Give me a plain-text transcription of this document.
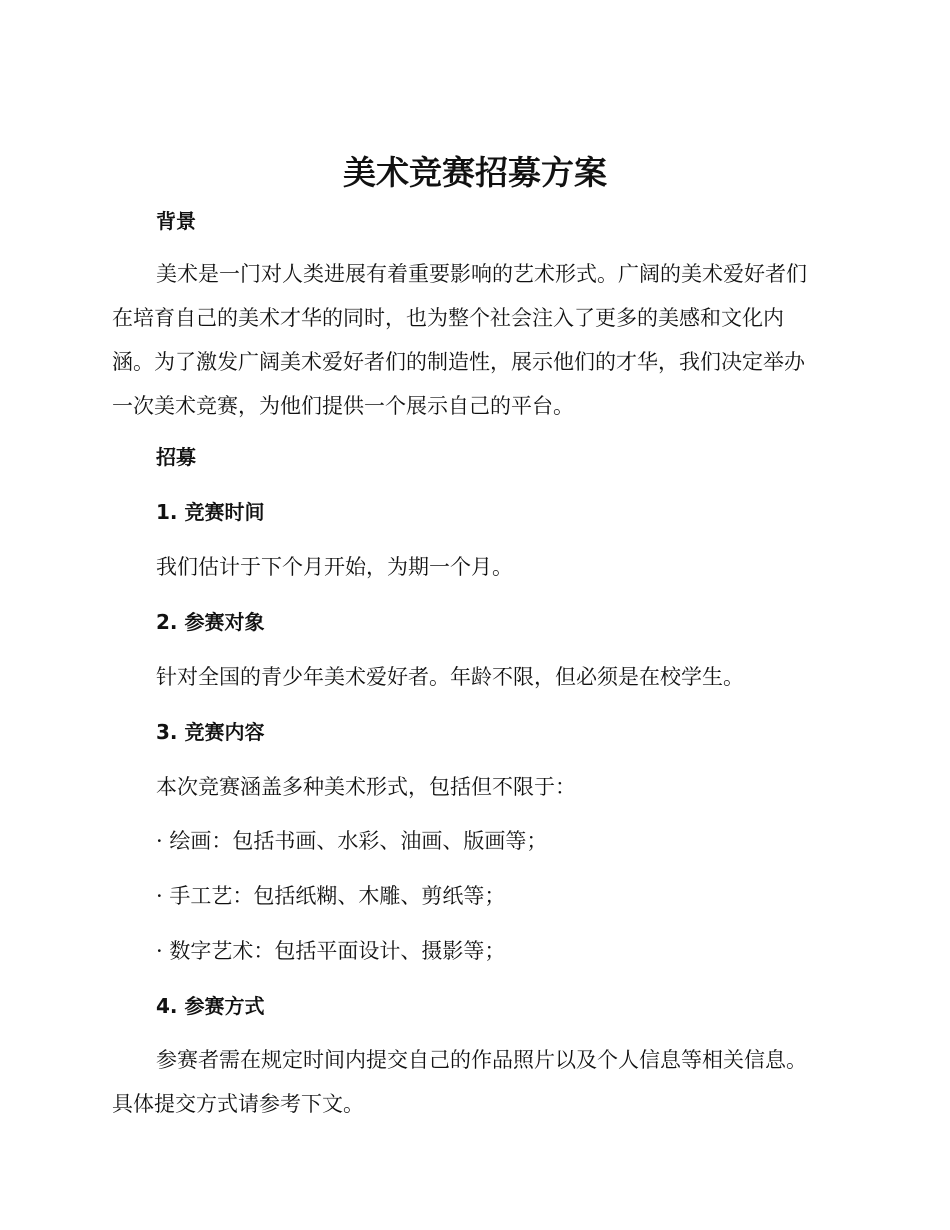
美术竞赛招募方案

背景

美术是一门对人类进展有着重要影响的艺术形式。广阔的美术爱好者们

在培育自己的美术才华的同时，也为整个社会注入了更多的美感和文化内

涵。为了激发广阔美术爱好者们的制造性，展示他们的才华，我们决定举办

一次美术竞赛，为他们提供一个展示自己的平台。

招募

1. 竞赛时间

我们估计于下个月开始，为期一个月。

2. 参赛对象

针对全国的青少年美术爱好者。年龄不限，但必须是在校学生。

3. 竞赛内容

本次竞赛涵盖多种美术形式，包括但不限于：

· 绘画：包括书画、水彩、油画、版画等；

· 手工艺：包括纸糊、木雕、剪纸等；

· 数字艺术：包括平面设计、摄影等；

4. 参赛方式

参赛者需在规定时间内提交自己的作品照片以及个人信息等相关信息。

具体提交方式请参考下文。
